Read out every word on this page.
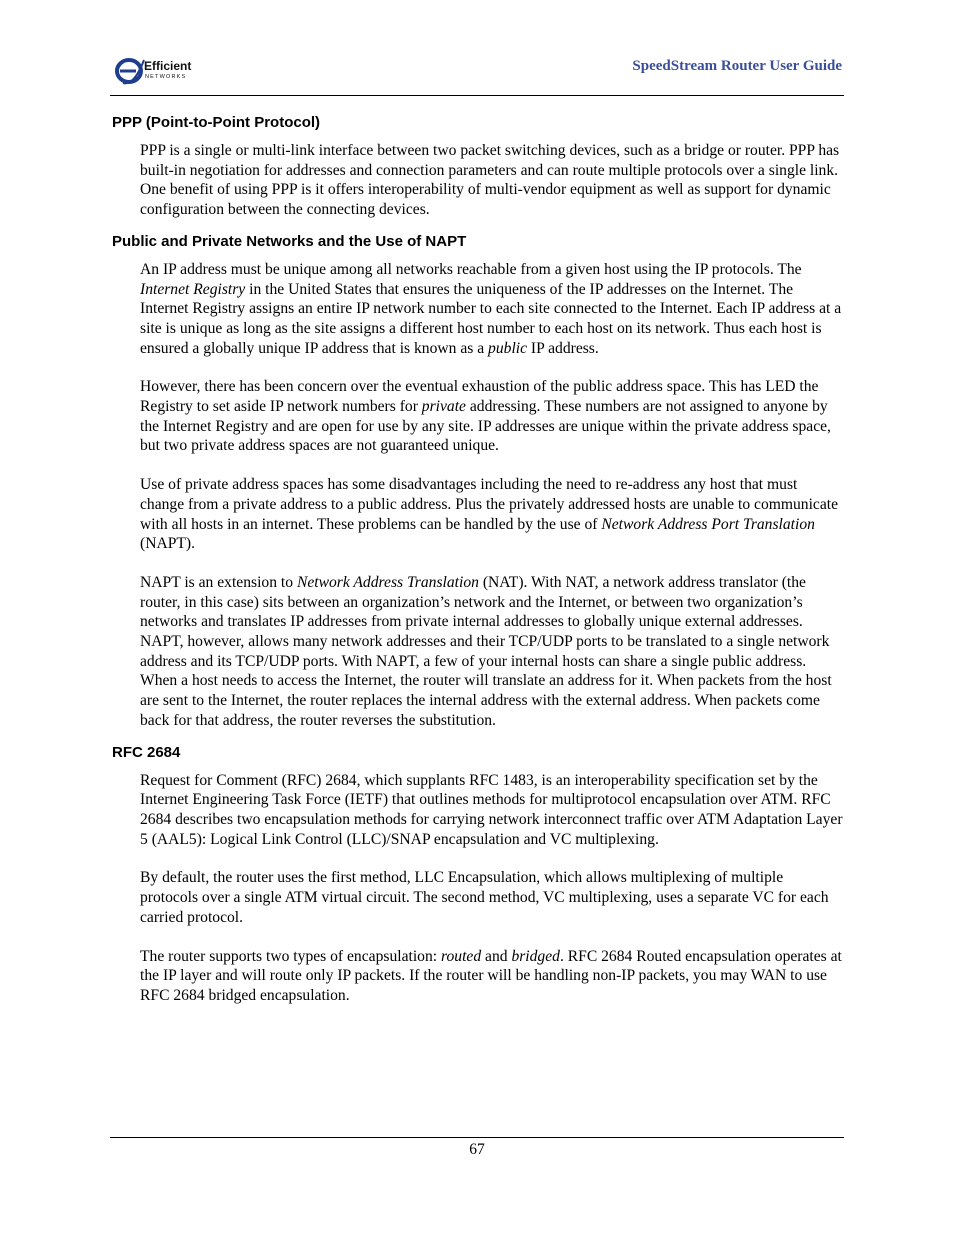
Efficient
NETWORKS
SpeedStream Router User Guide
PPP (Point-to-Point Protocol)

PPP is a single or multi-link interface between two packet switching devices, such as a bridge or router. PPP has built-in negotiation for addresses and connection parameters and can route multiple protocols over a single link. One benefit of using PPP is it offers interoperability of multi-vendor equipment as well as support for dynamic configuration between the connecting devices.

Public and Private Networks and the Use of NAPT

An IP address must be unique among all networks reachable from a given host using the IP protocols. The Internet Registry in the United States that ensures the uniqueness of the IP addresses on the Internet. The Internet Registry assigns an entire IP network number to each site connected to the Internet. Each IP address at a site is unique as long as the site assigns a different host number to each host on its network. Thus each host is ensured a globally unique IP address that is known as a public IP address.

However, there has been concern over the eventual exhaustion of the public address space. This has LED the Registry to set aside IP network numbers for private addressing. These numbers are not assigned to anyone by the Internet Registry and are open for use by any site. IP addresses are unique within the private address space, but two private address spaces are not guaranteed unique.

Use of private address spaces has some disadvantages including the need to re-address any host that must change from a private address to a public address. Plus the privately addressed hosts are unable to communicate with all hosts in an internet. These problems can be handled by the use of Network Address Port Translation (NAPT).

NAPT is an extension to Network Address Translation (NAT). With NAT, a network address translator (the router, in this case) sits between an organization’s network and the Internet, or between two organization’s networks and translates IP addresses from private internal addresses to globally unique external addresses. NAPT, however, allows many network addresses and their TCP/UDP ports to be translated to a single network address and its TCP/UDP ports. With NAPT, a few of your internal hosts can share a single public address. When a host needs to access the Internet, the router will translate an address for it. When packets from the host are sent to the Internet, the router replaces the internal address with the external address. When packets come back for that address, the router reverses the substitution.

RFC 2684

Request for Comment (RFC) 2684, which supplants RFC 1483, is an interoperability specification set by the Internet Engineering Task Force (IETF) that outlines methods for multiprotocol encapsulation over ATM. RFC 2684 describes two encapsulation methods for carrying network interconnect traffic over ATM Adaptation Layer 5 (AAL5): Logical Link Control (LLC)/SNAP encapsulation and VC multiplexing.

By default, the router uses the first method, LLC Encapsulation, which allows multiplexing of multiple protocols over a single ATM virtual circuit. The second method, VC multiplexing, uses a separate VC for each carried protocol.

The router supports two types of encapsulation: routed and bridged. RFC 2684 Routed encapsulation operates at the IP layer and will route only IP packets. If the router will be handling non-IP packets, you may WAN to use RFC 2684 bridged encapsulation.

67
